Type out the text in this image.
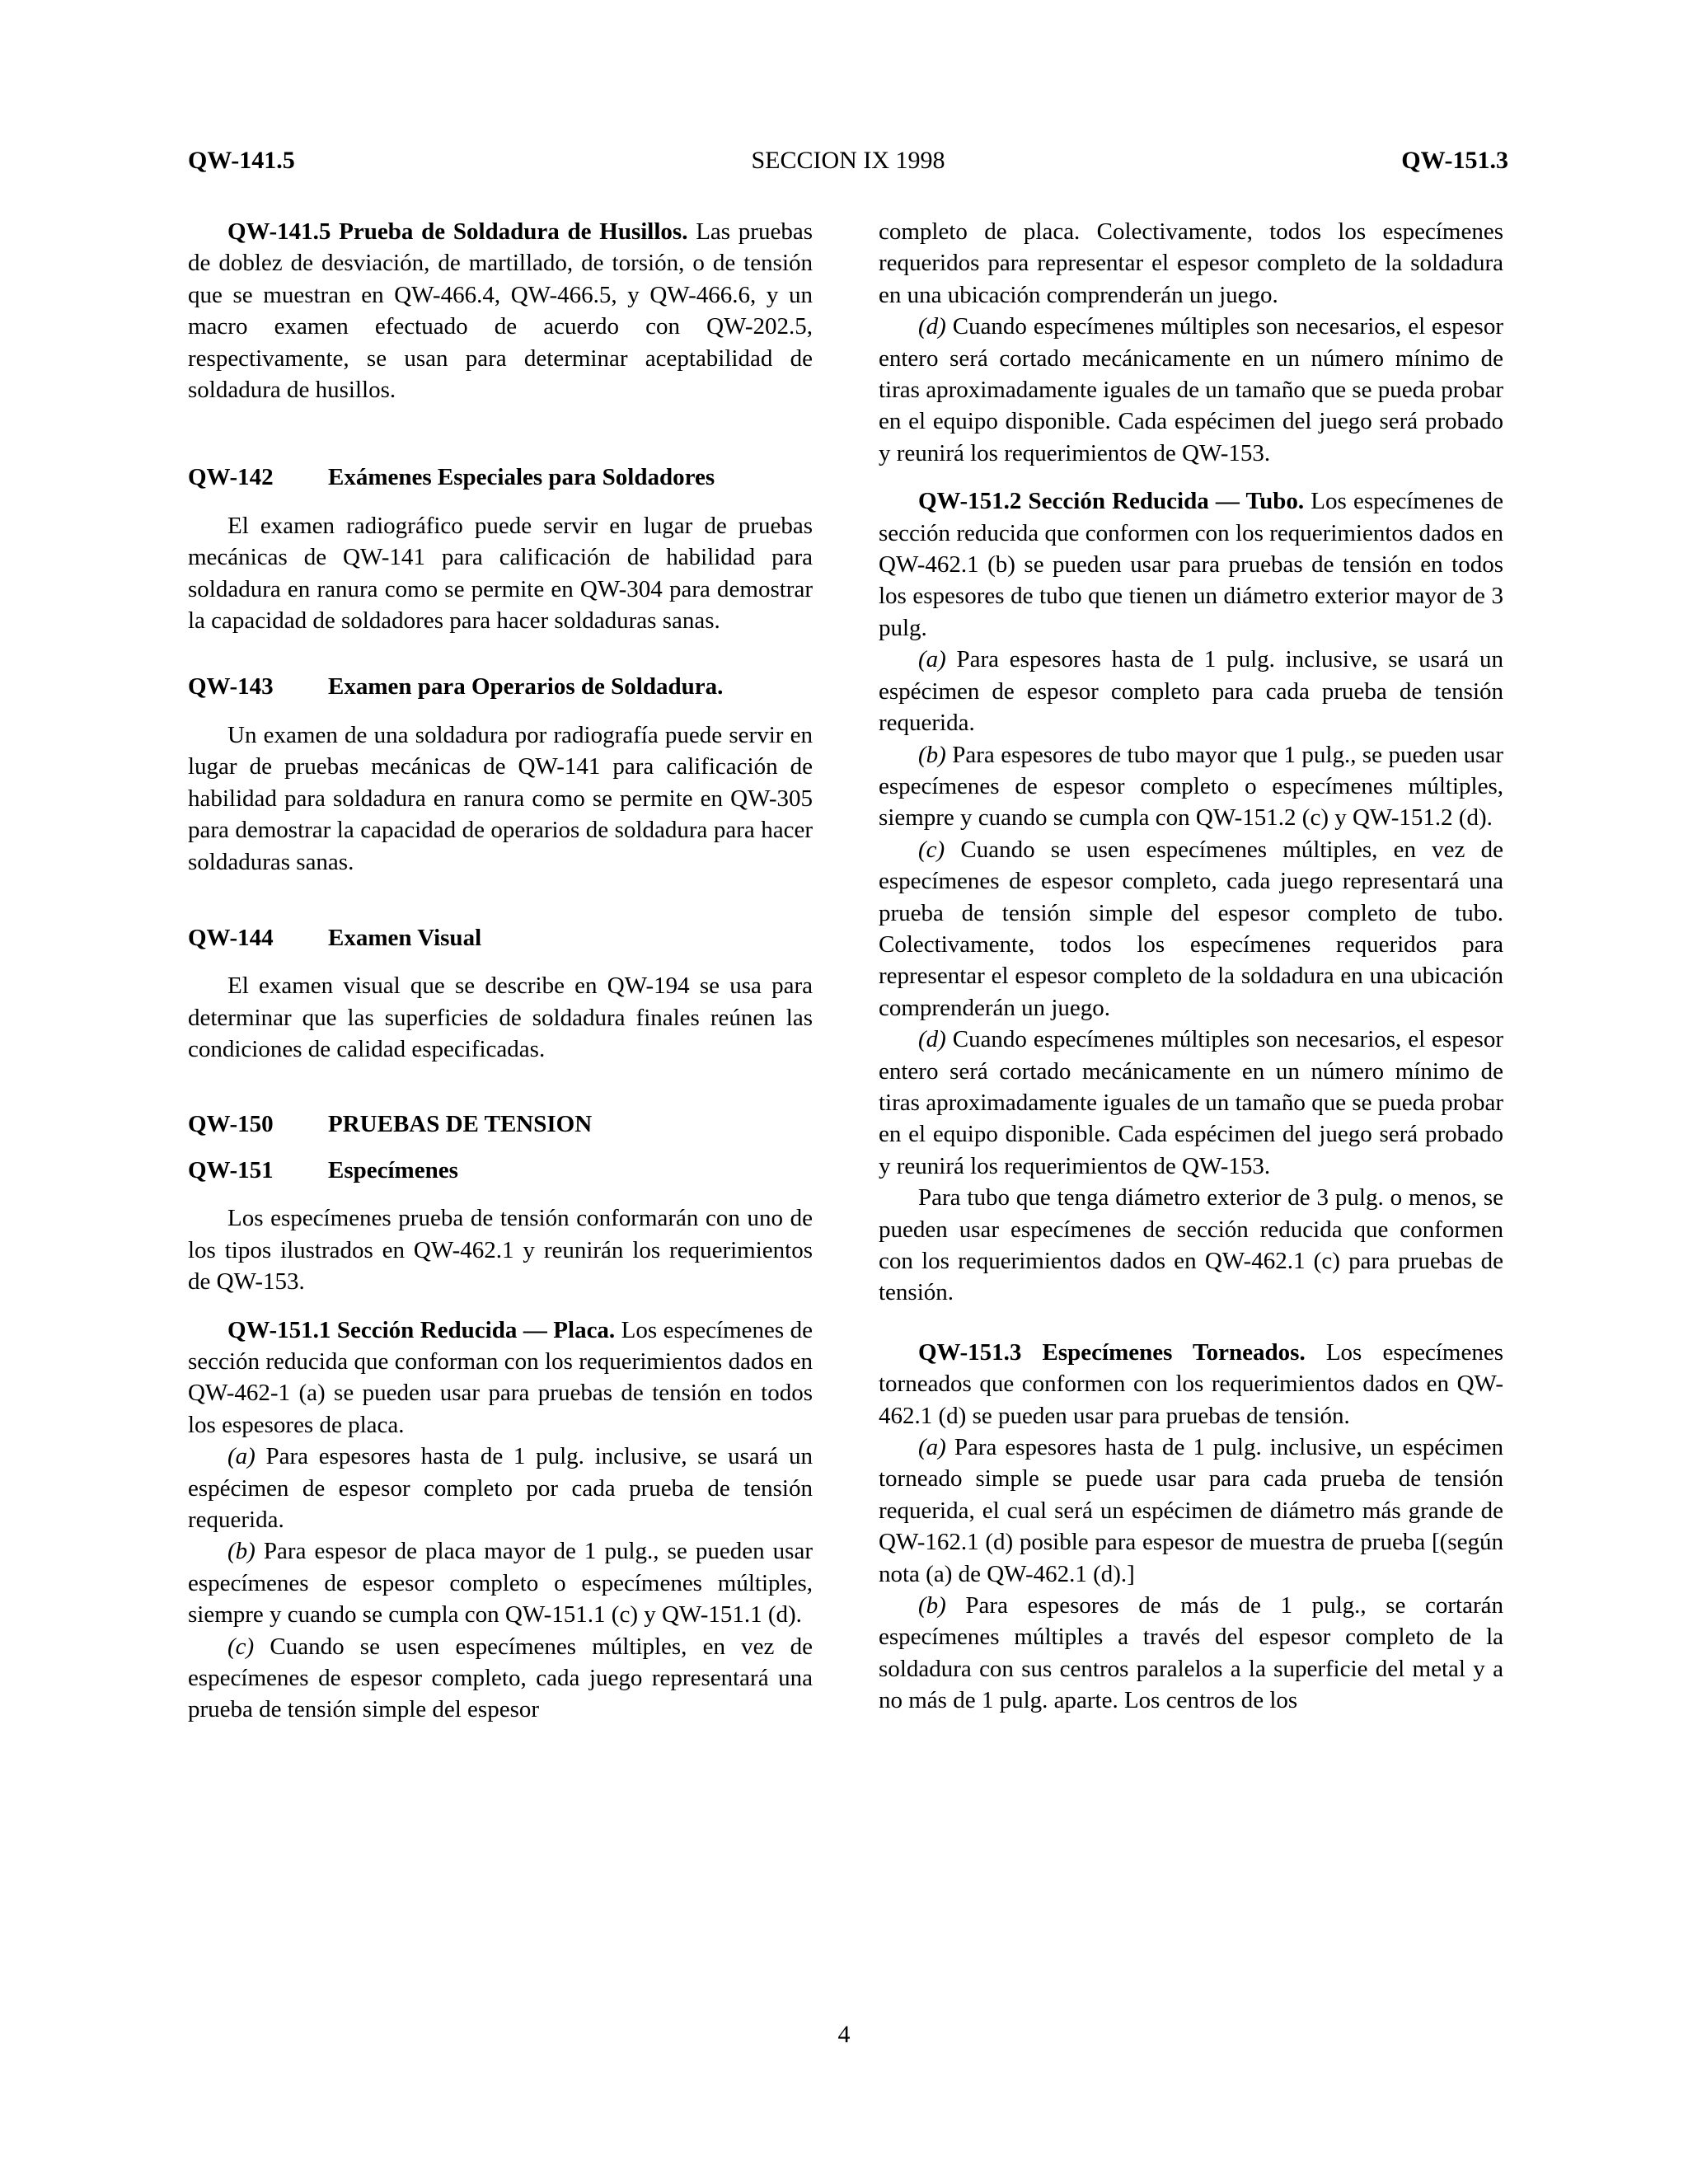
QW-141.5	SECCION IX 1998	QW-151.3

QW-141.5 Prueba de Soldadura de Husillos. Las pruebas de doblez de desviación, de martillado, de torsión, o de tensión que se muestran en QW-466.4, QW-466.5, y QW-466.6, y un macro examen efectuado de acuerdo con QW-202.5, respectivamente, se usan para determinar aceptabilidad de soldadura de husillos.

QW-142 Exámenes Especiales para Soldadores

El examen radiográfico puede servir en lugar de pruebas mecánicas de QW-141 para calificación de habilidad para soldadura en ranura como se permite en QW-304 para demostrar la capacidad de soldadores para hacer soldaduras sanas.

QW-143 Examen para Operarios de Soldadura.

Un examen de una soldadura por radiografía puede servir en lugar de pruebas mecánicas de QW-141 para calificación de habilidad para soldadura en ranura como se permite en QW-305 para demostrar la capacidad de operarios de soldadura para hacer soldaduras sanas.

QW-144 Examen Visual

El examen visual que se describe en QW-194 se usa para determinar que las superficies de soldadura finales reúnen las condiciones de calidad especificadas.

QW-150 PRUEBAS DE TENSION

QW-151 Especímenes

Los especímenes prueba de tensión conformarán con uno de los tipos ilustrados en QW-462.1 y reunirán los requerimientos de QW-153.

QW-151.1 Sección Reducida — Placa. Los especímenes de sección reducida que conforman con los requerimientos dados en QW-462-1 (a) se pueden usar para pruebas de tensión en todos los espesores de placa.

(a) Para espesores hasta de 1 pulg. inclusive, se usará un espécimen de espesor completo por cada prueba de tensión requerida.

(b) Para espesor de placa mayor de 1 pulg., se pueden usar especímenes de espesor completo o especímenes múltiples, siempre y cuando se cumpla con QW-151.1 (c) y QW-151.1 (d).

(c) Cuando se usen especímenes múltiples, en vez de especímenes de espesor completo, cada juego representará una prueba de tensión simple del espesor

completo de placa. Colectivamente, todos los especímenes requeridos para representar el espesor completo de la soldadura en una ubicación comprenderán un juego.

(d) Cuando especímenes múltiples son necesarios, el espesor entero será cortado mecánicamente en un número mínimo de tiras aproximadamente iguales de un tamaño que se pueda probar en el equipo disponible. Cada espécimen del juego será probado y reunirá los requerimientos de QW-153.

QW-151.2 Sección Reducida — Tubo. Los especímenes de sección reducida que conformen con los requerimientos dados en QW-462.1 (b) se pueden usar para pruebas de tensión en todos los espesores de tubo que tienen un diámetro exterior mayor de 3 pulg.

(a) Para espesores hasta de 1 pulg. inclusive, se usará un espécimen de espesor completo para cada prueba de tensión requerida.

(b) Para espesores de tubo mayor que 1 pulg., se pueden usar especímenes de espesor completo o especímenes múltiples, siempre y cuando se cumpla con QW-151.2 (c) y QW-151.2 (d).

(c) Cuando se usen especímenes múltiples, en vez de especímenes de espesor completo, cada juego representará una prueba de tensión simple del espesor completo de tubo. Colectivamente, todos los especímenes requeridos para representar el espesor completo de la soldadura en una ubicación comprenderán un juego.

(d) Cuando especímenes múltiples son necesarios, el espesor entero será cortado mecánicamente en un número mínimo de tiras aproximadamente iguales de un tamaño que se pueda probar en el equipo disponible. Cada espécimen del juego será probado y reunirá los requerimientos de QW-153.

Para tubo que tenga diámetro exterior de 3 pulg. o menos, se pueden usar especímenes de sección reducida que conformen con los requerimientos dados en QW-462.1 (c) para pruebas de tensión.

QW-151.3 Especímenes Torneados. Los especímenes torneados que conformen con los requerimientos dados en QW-462.1 (d) se pueden usar para pruebas de tensión.

(a) Para espesores hasta de 1 pulg. inclusive, un espécimen torneado simple se puede usar para cada prueba de tensión requerida, el cual será un espécimen de diámetro más grande de QW-162.1 (d) posible para espesor de muestra de prueba [(según nota (a) de QW-462.1 (d).]

(b) Para espesores de más de 1 pulg., se cortarán especímenes múltiples a través del espesor completo de la soldadura con sus centros paralelos a la superficie del metal y a no más de 1 pulg. aparte. Los centros de los

4
